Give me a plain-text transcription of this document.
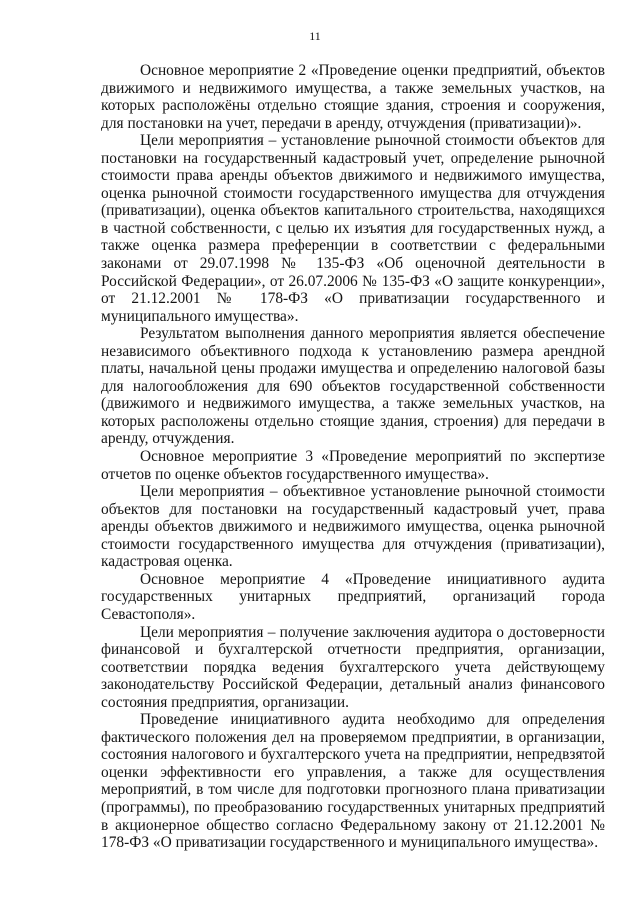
11

Основное мероприятие 2 «Проведение оценки предприятий, объектов движимого и недвижимого имущества, а также земельных участков, на которых расположёны отдельно стоящие здания, строения и сооружения, для постановки на учет, передачи в аренду, отчуждения (приватизации)».

Цели мероприятия – установление рыночной стоимости объектов для постановки на государственный кадастровый учет, определение рыночной стоимости права аренды объектов движимого и недвижимого имущества, оценка рыночной стоимости государственного имущества для отчуждения (приватизации), оценка объектов капитального строительства, находящихся в частной собственности, с целью их изъятия для государственных нужд, а также оценка размера преференции в соответствии с федеральными законами от 29.07.1998 № 135-ФЗ «Об оценочной деятельности в Российской Федерации», от 26.07.2006 № 135-ФЗ «О защите конкуренции», от 21.12.2001 № 178-ФЗ «О приватизации государственного и муниципального имущества».

Результатом выполнения данного мероприятия является обеспечение независимого объективного подхода к установлению размера арендной платы, начальной цены продажи имущества и определению налоговой базы для налогообложения для 690 объектов государственной собственности (движимого и недвижимого имущества, а также земельных участков, на которых расположены отдельно стоящие здания, строения) для передачи в аренду, отчуждения.

Основное мероприятие 3 «Проведение мероприятий по экспертизе отчетов по оценке объектов государственного имущества».

Цели мероприятия – объективное установление рыночной стоимости объектов для постановки на государственный кадастровый учет, права аренды объектов движимого и недвижимого имущества, оценка рыночной стоимости государственного имущества для отчуждения (приватизации), кадастровая оценка.

Основное мероприятие 4 «Проведение инициативного аудита государственных унитарных предприятий, организаций города Севастополя».

Цели мероприятия – получение заключения аудитора о достоверности финансовой и бухгалтерской отчетности предприятия, организации, соответствии порядка ведения бухгалтерского учета действующему законодательству Российской Федерации, детальный анализ финансового состояния предприятия, организации.

Проведение инициативного аудита необходимо для определения фактического положения дел на проверяемом предприятии, в организации, состояния налогового и бухгалтерского учета на предприятии, непредвзятой оценки эффективности его управления, а также для осуществления мероприятий, в том числе для подготовки прогнозного плана приватизации (программы), по преобразованию государственных унитарных предприятий в акционерное общество согласно Федеральному закону от 21.12.2001 № 178-ФЗ «О приватизации государственного и муниципального имущества».
